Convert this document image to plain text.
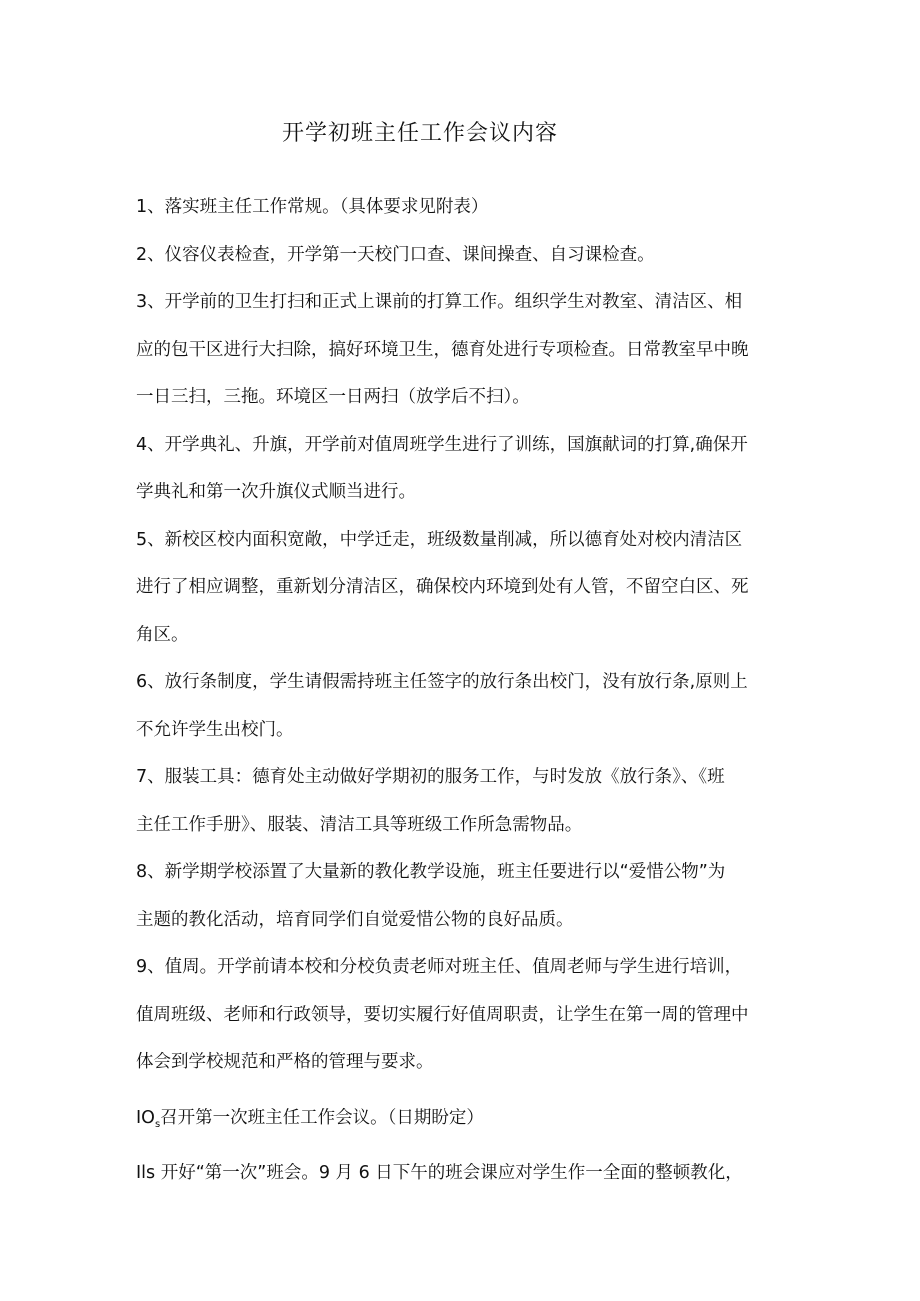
开学初班主任工作会议内容
1、落实班主任工作常规。（具体要求见附表）
2、仪容仪表检查，开学第一天校门口查、课间操查、自习课检查。
3、开学前的卫生打扫和正式上课前的打算工作。组织学生对教室、清洁区、相
应的包干区进行大扫除，搞好环境卫生，德育处进行专项检查。日常教室早中晚
一日三扫，三拖。环境区一日两扫（放学后不扫）。
4、开学典礼、升旗，开学前对值周班学生进行了训练，国旗献词的打算,确保开
学典礼和第一次升旗仪式顺当进行。
5、新校区校内面积宽敞，中学迁走，班级数量削减，所以德育处对校内清洁区
进行了相应调整，重新划分清洁区，确保校内环境到处有人管，不留空白区、死
角区。
6、放行条制度，学生请假需持班主任签字的放行条出校门，没有放行条,原则上
不允许学生出校门。
7、服装工具：德育处主动做好学期初的服务工作，与时发放《放行条》、《班
主任工作手册》、服装、清洁工具等班级工作所急需物品。
8、新学期学校添置了大量新的教化教学设施，班主任要进行以“爱惜公物”为
主题的教化活动，培育同学们自觉爱惜公物的良好品质。
9、值周。开学前请本校和分校负责老师对班主任、值周老师与学生进行培训，
值周班级、老师和行政领导，要切实履行好值周职责，让学生在第一周的管理中
体会到学校规范和严格的管理与要求。
$IO_s$召开第一次班主任工作会议。（日期盼定）
Ils 开好“第一次”班会。9 月 6 日下午的班会课应对学生作一全面的整顿教化，
